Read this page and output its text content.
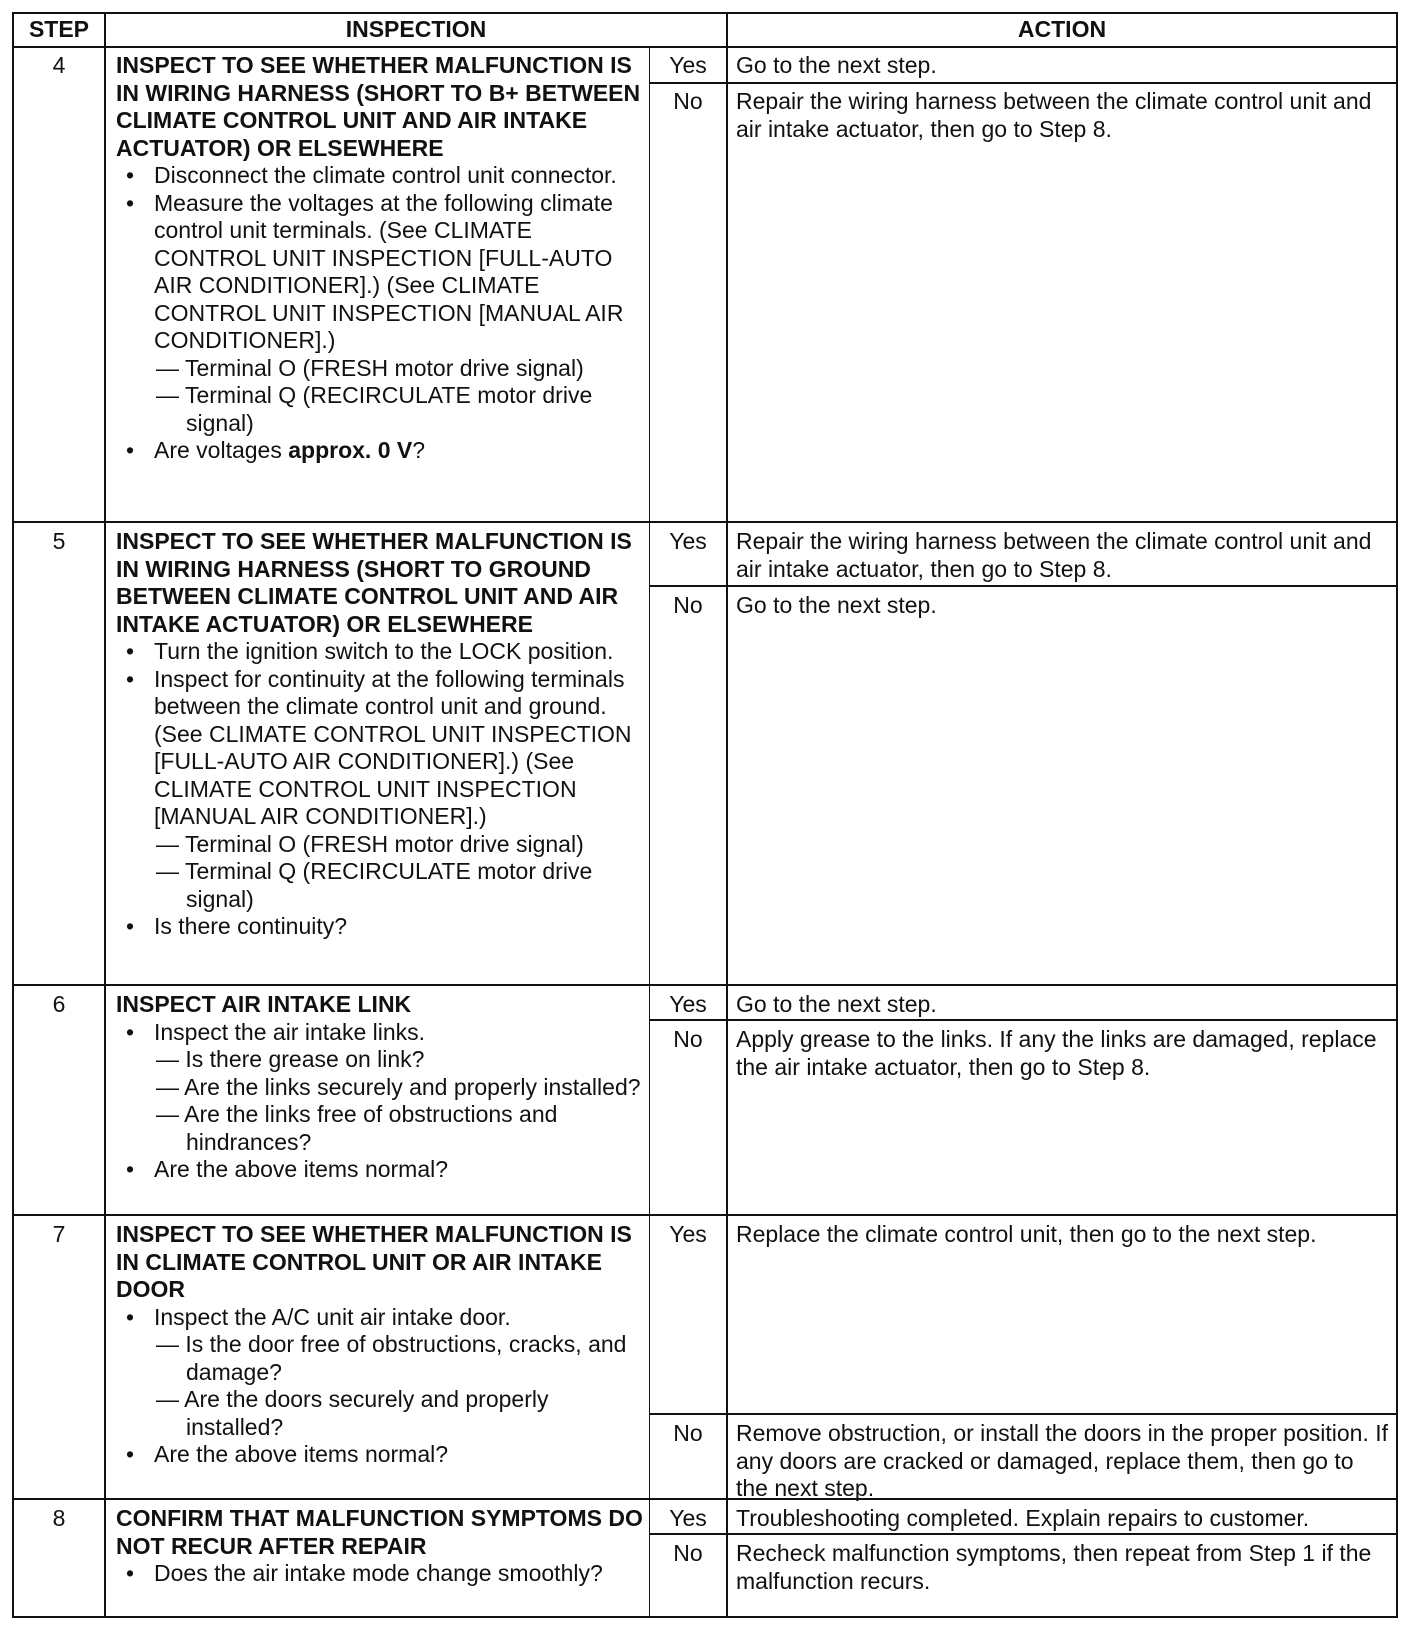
STEP	INSPECTION	ACTION
4	INSPECT TO SEE WHETHER MALFUNCTION IS IN WIRING HARNESS (SHORT TO B+ BETWEEN CLIMATE CONTROL UNIT AND AIR INTAKE ACTUATOR) OR ELSEWHERE
• Disconnect the climate control unit connector.
• Measure the voltages at the following climate control unit terminals. (See CLIMATE CONTROL UNIT INSPECTION [FULL-AUTO AIR CONDITIONER].) (See CLIMATE CONTROL UNIT INSPECTION [MANUAL AIR CONDITIONER].)
— Terminal O (FRESH motor drive signal)
— Terminal Q (RECIRCULATE motor drive signal)
• Are voltages approx. 0 V?
Yes	Go to the next step.
No	Repair the wiring harness between the climate control unit and air intake actuator, then go to Step 8.
5	INSPECT TO SEE WHETHER MALFUNCTION IS IN WIRING HARNESS (SHORT TO GROUND BETWEEN CLIMATE CONTROL UNIT AND AIR INTAKE ACTUATOR) OR ELSEWHERE
• Turn the ignition switch to the LOCK position.
• Inspect for continuity at the following terminals between the climate control unit and ground. (See CLIMATE CONTROL UNIT INSPECTION [FULL-AUTO AIR CONDITIONER].) (See CLIMATE CONTROL UNIT INSPECTION [MANUAL AIR CONDITIONER].)
— Terminal O (FRESH motor drive signal)
— Terminal Q (RECIRCULATE motor drive signal)
• Is there continuity?
Yes	Repair the wiring harness between the climate control unit and air intake actuator, then go to Step 8.
No	Go to the next step.
6	INSPECT AIR INTAKE LINK
• Inspect the air intake links.
— Is there grease on link?
— Are the links securely and properly installed?
— Are the links free of obstructions and hindrances?
• Are the above items normal?
Yes	Go to the next step.
No	Apply grease to the links. If any the links are damaged, replace the air intake actuator, then go to Step 8.
7	INSPECT TO SEE WHETHER MALFUNCTION IS IN CLIMATE CONTROL UNIT OR AIR INTAKE DOOR
• Inspect the A/C unit air intake door.
— Is the door free of obstructions, cracks, and damage?
— Are the doors securely and properly installed?
• Are the above items normal?
Yes	Replace the climate control unit, then go to the next step.
No	Remove obstruction, or install the doors in the proper position. If any doors are cracked or damaged, replace them, then go to the next step.
8	CONFIRM THAT MALFUNCTION SYMPTOMS DO NOT RECUR AFTER REPAIR
• Does the air intake mode change smoothly?
Yes	Troubleshooting completed. Explain repairs to customer.
No	Recheck malfunction symptoms, then repeat from Step 1 if the malfunction recurs.
